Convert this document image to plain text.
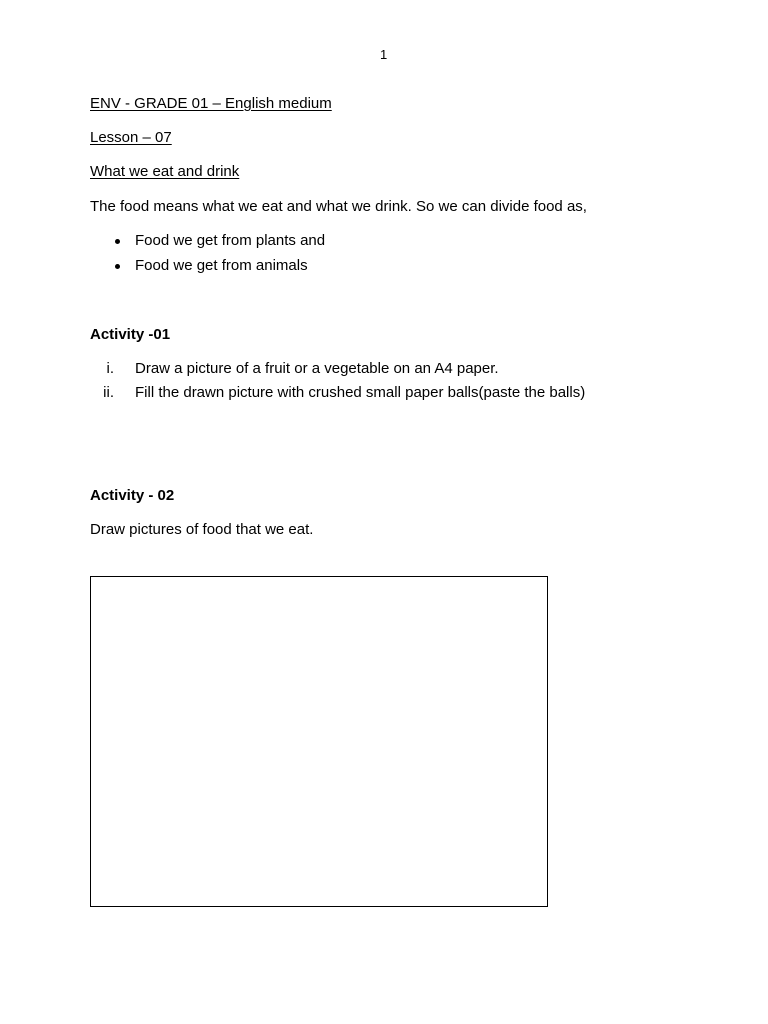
1
ENV - GRADE 01 – English medium
Lesson – 07
What we eat and drink
The food means what we eat and what we drink. So we can divide food as,
Food we get from plants and
Food we get from animals
Activity -01
i. Draw a picture of a fruit or a vegetable on an A4 paper.
ii. Fill the drawn picture with crushed small paper balls(paste the balls)
Activity - 02
Draw pictures of food that we eat.
